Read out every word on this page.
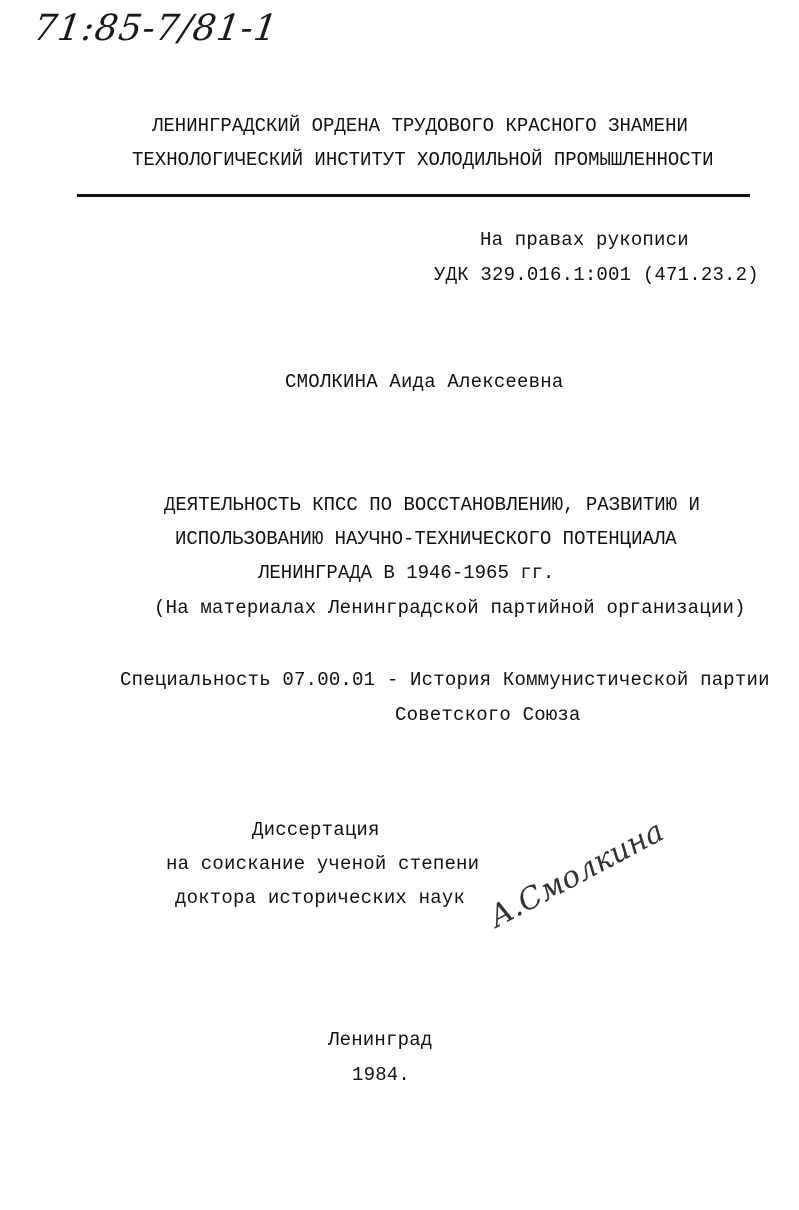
71:85-7/81-1
ЛЕНИНГРАДСКИЙ ОРДЕНА ТРУДОВОГО КРАСНОГО ЗНАМЕНИ
ТЕХНОЛОГИЧЕСКИЙ ИНСТИТУТ ХОЛОДИЛЬНОЙ ПРОМЫШЛЕННОСТИ
На правах рукописи
УДК 329.016.1:001 (471.23.2)
СМОЛКИНА Аида Алексеевна
ДЕЯТЕЛЬНОСТЬ КПСС ПО ВОССТАНОВЛЕНИЮ, РАЗВИТИЮ И
ИСПОЛЬЗОВАНИЮ НАУЧНО-ТЕХНИЧЕСКОГО ПОТЕНЦИАЛА
ЛЕНИНГРАДА В 1946-1965 гг.
(На материалах Ленинградской партийной организации)
Специальность 07.00.01 - История Коммунистической партии
Советского Союза
Диссертация
на соискание ученой степени
доктора исторических наук А.Смолкина
Ленинград
1984.
